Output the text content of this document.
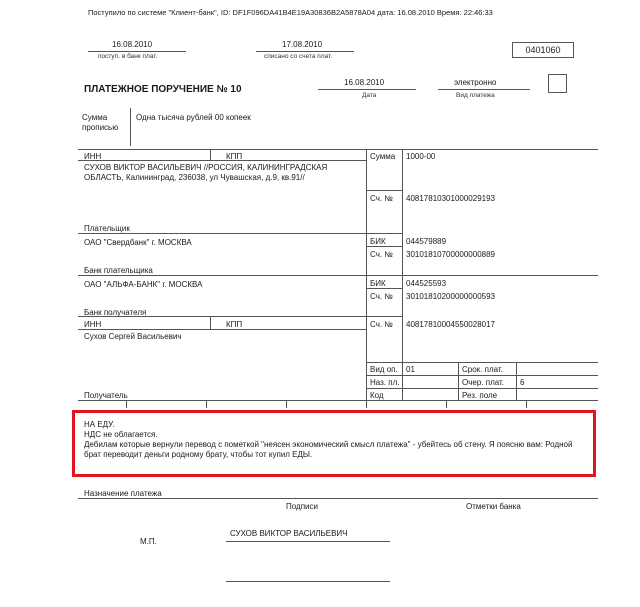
Поступило по системе "Клиент-банк", ID: DF1F096DA41B4E19A30836B2A5878A04 дата: 16.08.2010 Время: 22:46:33
0401060
16.08.2010
поступ. в банк плат.
17.08.2010
списано со счета плат.
ПЛАТЕЖНОЕ ПОРУЧЕНИЕ № 10
16.08.2010
Дата
электронно
Вид платежа
Сумма прописью
Одна тысяча рублей 00 копеек
ИНН	КПП	Сумма 1000-00
СУХОВ ВИКТОР ВАСИЛЬЕВИЧ //РОССИЯ, КАЛИНИНГРАДСКАЯ ОБЛАСТЬ, Калининград, 236038, ул Чувашская, д.9, кв.91//
Сч. № 40817810301000029193
Плательщик
ОАО "Свердбанк" г. МОСКВА	БИК	044579889
Сч. № 30101810700000000889
Банк плательщика
ОАО "АЛЬФА-БАНК" г. МОСКВА	БИК	044525593
Сч. № 30101810200000000593
Банк получателя
ИНН	КПП	Сч. № 40817810004550028017
Сухов Сергей Васильевич
Вид оп. 01	Срок. плат.
Наз. пл.	Очер. плат. 6
Получатель	Код	Рез. поле
НА ЕДУ.
НДС не облагается.
Дебилам которые вернули перевод с пометкой "неясен экономический смысл платежа" - убейтесь об стену. Я поясню вам: Родной брат переводит деньги родному брату, чтобы тот купил ЕДЫ.
Назначение платежа
Подписи	Отметки банка
М.П.
СУХОВ ВИКТОР ВАСИЛЬЕВИЧ
